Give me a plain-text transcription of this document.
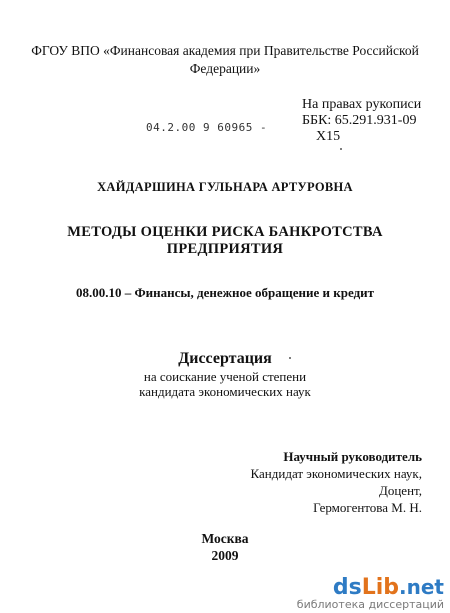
ФГОУ ВПО «Финансовая академия при Правительстве Российской
Федерации»
04.2.00 9 60965 -
На правах рукописи
ББК: 65.291.931-09
Х15
ХАЙДАРШИНА ГУЛЬНАРА АРТУРОВНА
МЕТОДЫ ОЦЕНКИ РИСКА БАНКРОТСТВА
ПРЕДПРИЯТИЯ
08.00.10 – Финансы, денежное обращение и кредит
Диссертация
на соискание ученой степени
кандидата экономических наук
Научный руководитель
Кандидат экономических наук,
Доцент,
Гермогентова М. Н.
Москва
2009
ds Lib .net
библиотека диссертаций
